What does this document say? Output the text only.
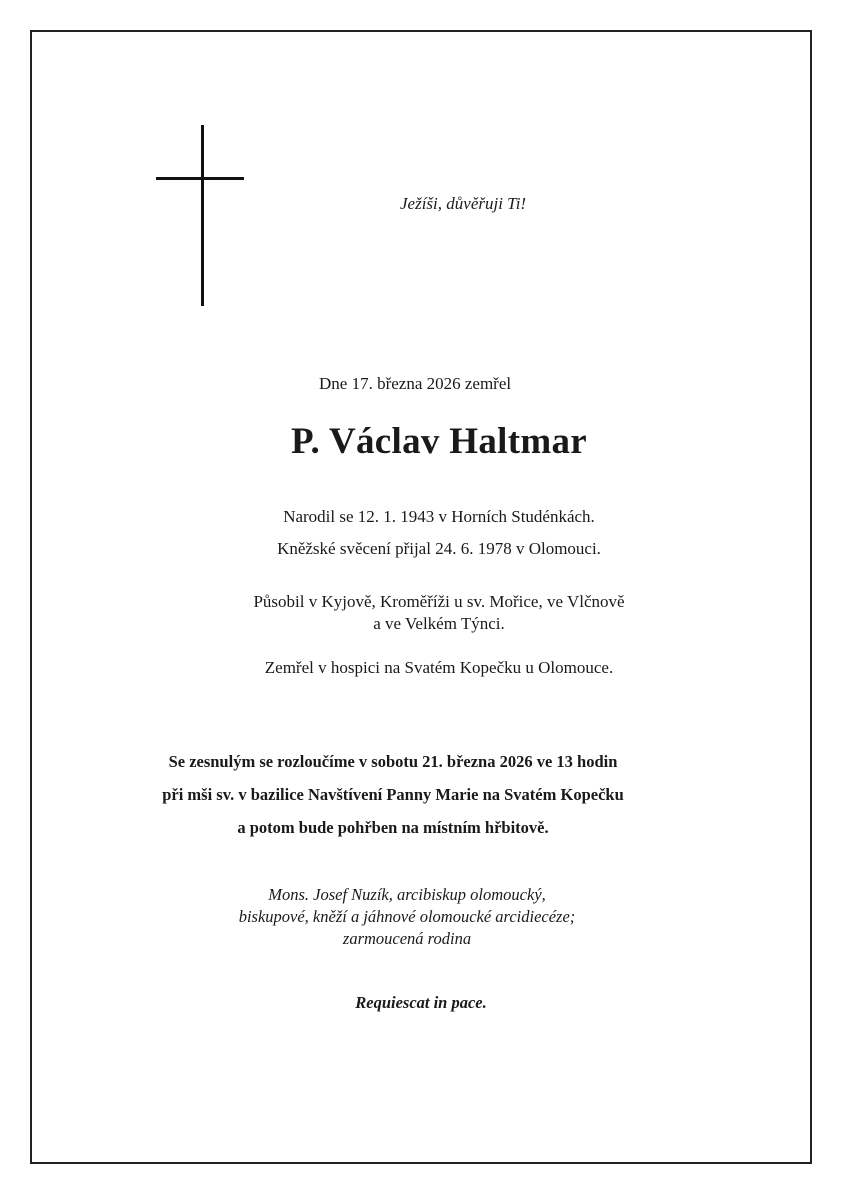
Ježíši, důvěřuji Ti!
Dne 17. března 2026 zemřel
P. Václav Haltmar
Narodil se 12. 1. 1943 v Horních Studénkách.
Kněžské svěcení přijal 24. 6. 1978 v Olomouci.
Působil v Kyjově, Kroměříži u sv. Mořice, ve Vlčnově
a ve Velkém Týnci.
Zemřel v hospici na Svatém Kopečku u Olomouce.
Se zesnulým se rozloučíme v sobotu 21. března 2026 ve 13 hodin
při mši sv. v bazilice Navštívení Panny Marie na Svatém Kopečku
a potom bude pohřben na místním hřbitově.
Mons. Josef Nuzík, arcibiskup olomoucký,
biskupové, kněží a jáhnové olomoucké arcidiecéze;
zarmoucená rodina
Requiescat in pace.
